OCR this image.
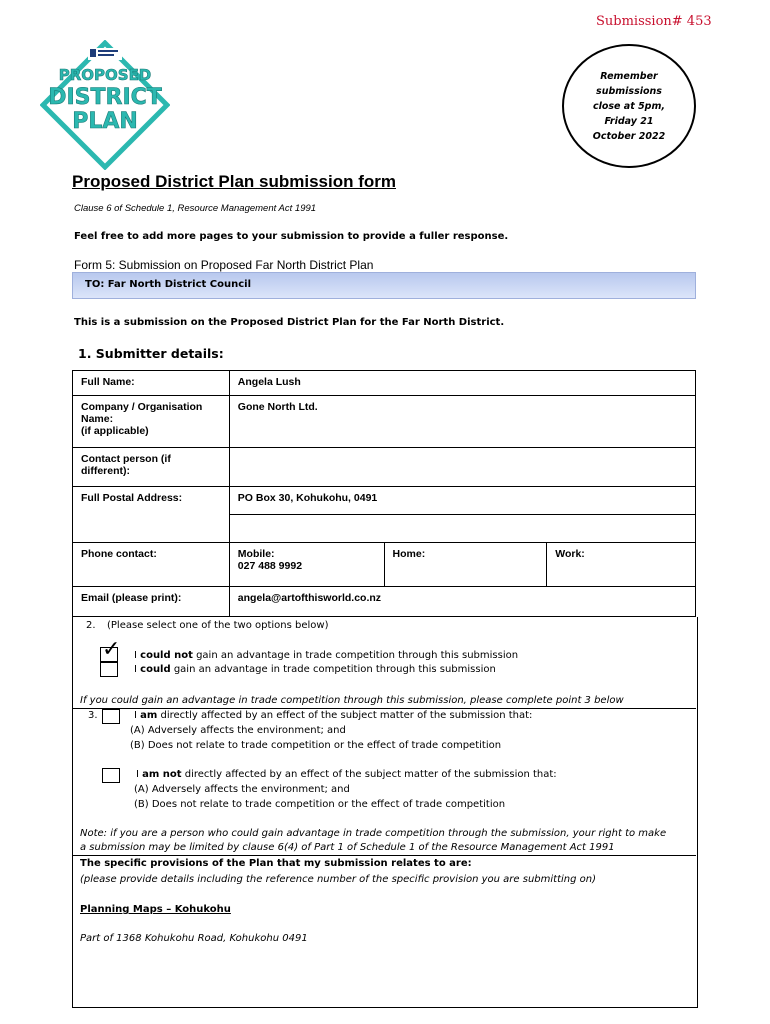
Submission# 453
PROPOSED
DISTRICT
PLAN
Remember
submissions
close at 5pm,
Friday 21
October 2022
Proposed District Plan submission form
Clause 6 of Schedule 1, Resource Management Act 1991
Feel free to add more pages to your submission to provide a fuller response.
Form 5: Submission on Proposed Far North District Plan
TO: Far North District Council
This is a submission on the Proposed District Plan for the Far North District.
1. Submitter details:
Full Name:	Angela Lush		

Company / Organisation
Name:
(if applicable)	Gone North Ltd.		

Contact person (if
different):			

Full Postal Address:	PO Box 30, Kohukohu, 0491		

Phone contact:	Mobile:
027 488 9992	Home:	Work:

Email (please print):	angela@artofthisworld.co.nz		
2. (Please select one of the two options below)
✓ I could not gain an advantage in trade competition through this submission
I could gain an advantage in trade competition through this submission
If you could gain an advantage in trade competition through this submission, please complete point 3 below
3.	I am directly affected by an effect of the subject matter of the submission that:
(A) Adversely affects the environment; and
(B) Does not relate to trade competition or the effect of trade competition
I am not directly affected by an effect of the subject matter of the submission that:
(A) Adversely affects the environment; and
(B) Does not relate to trade competition or the effect of trade competition
Note: if you are a person who could gain advantage in trade competition through the submission, your right to make
a submission may be limited by clause 6(4) of Part 1 of Schedule 1 of the Resource Management Act 1991
The specific provisions of the Plan that my submission relates to are:
(please provide details including the reference number of the specific provision you are submitting on)
Planning Maps – Kohukohu
Part of 1368 Kohukohu Road, Kohukohu 0491
